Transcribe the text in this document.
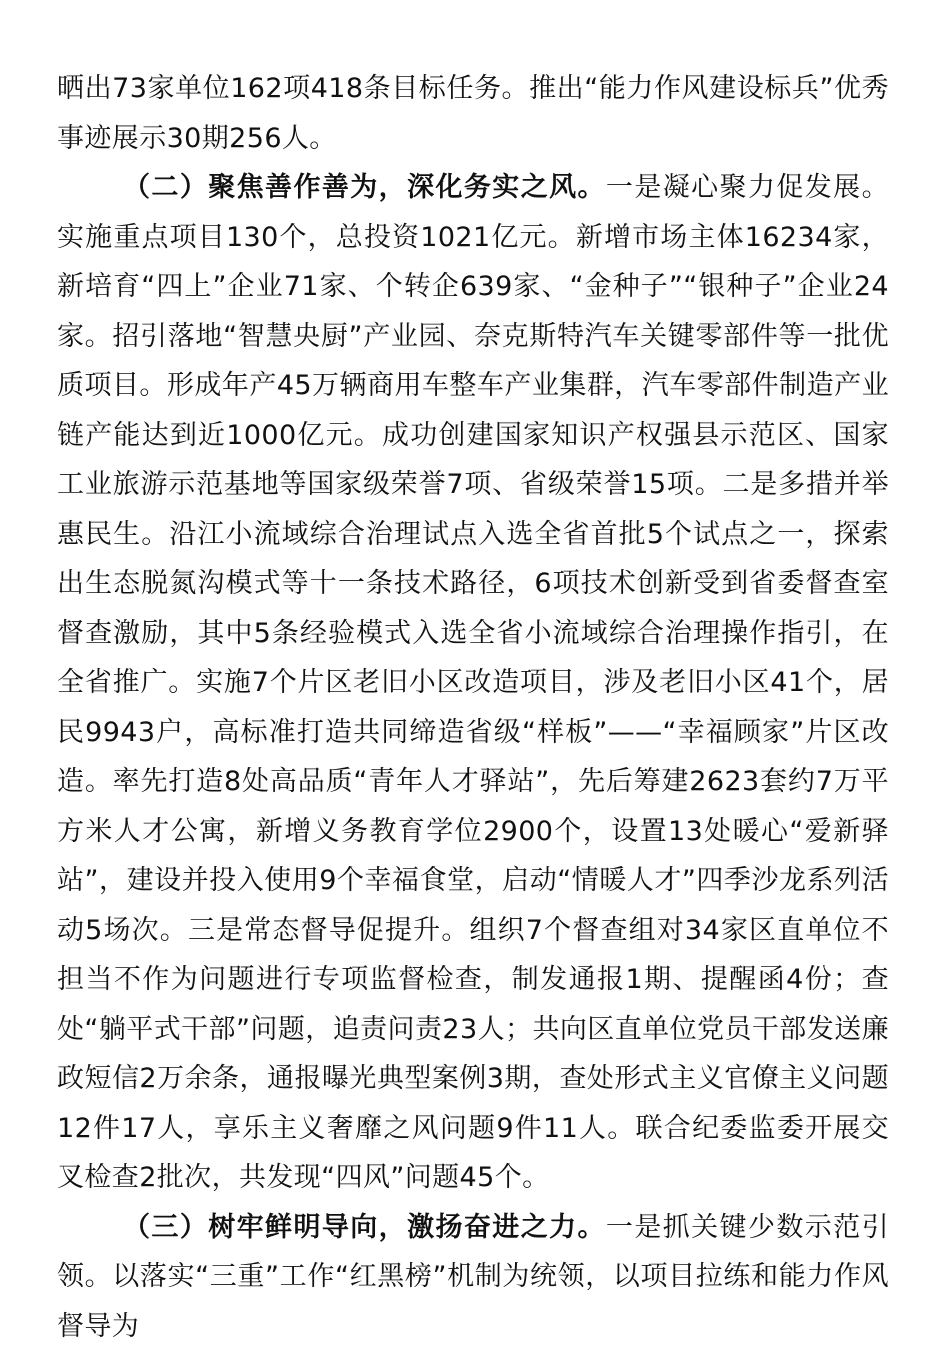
晒出73家单位162项418条目标任务。推出“能力作风建设标兵”优秀事迹展示30期256人。

（二）聚焦善作善为，深化务实之风。一是凝心聚力促发展。实施重点项目130个，总投资1021亿元。新增市场主体16234家，新培育“四上”企业71家、个转企639家、“金种子”“银种子”企业24家。招引落地“智慧央厨”产业园、奈克斯特汽车关键零部件等一批优质项目。形成年产45万辆商用车整车产业集群，汽车零部件制造产业链产能达到近1000亿元。成功创建国家知识产权强县示范区、国家工业旅游示范基地等国家级荣誉7项、省级荣誉15项。二是多措并举惠民生。沿江小流域综合治理试点入选全省首批5个试点之一，探索出生态脱氮沟模式等十一条技术路径，6项技术创新受到省委督查室督查激励，其中5条经验模式入选全省小流域综合治理操作指引，在全省推广。实施7个片区老旧小区改造项目，涉及老旧小区41个，居民9943户，高标准打造共同缔造省级“样板”——“幸福顾家”片区改造。率先打造8处高品质“青年人才驿站”，先后筹建2623套约7万平方米人才公寓，新增义务教育学位2900个，设置13处暖心“爱新驿站”，建设并投入使用9个幸福食堂，启动“情暖人才”四季沙龙系列活动5场次。三是常态督导促提升。组织7个督查组对34家区直单位不担当不作为问题进行专项监督检查，制发通报1期、提醒函4份；查处“躺平式干部”问题，追责问责23人；共向区直单位党员干部发送廉政短信2万余条，通报曝光典型案例3期，查处形式主义官僚主义问题12件17人，享乐主义奢靡之风问题9件11人。联合纪委监委开展交叉检查2批次，共发现“四风”问题45个。

（三）树牢鲜明导向，激扬奋进之力。一是抓关键少数示范引领。以落实“三重”工作“红黑榜”机制为统领，以项目拉练和能力作风督导为
